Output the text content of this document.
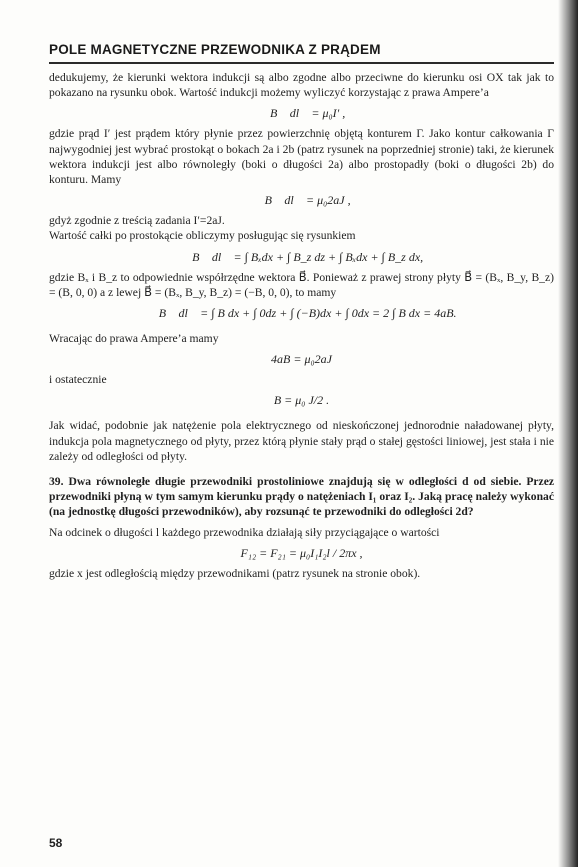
POLE MAGNETYCZNE PRZEWODNIKA Z PRĄDEM

dedukujemy, że kierunki wektora indukcji są albo zgodne albo przeciwne do kierunku osi OX tak jak to pokazano na rysunku obok. Wartość indukcji możemy wyliczyć korzystając z prawa Ampere’a

∮ B⃗ dl⃗ = μ₀I′ ,

gdzie prąd I′ jest prądem który płynie przez powierzchnię objętą konturem Γ. Jako kontur całkowania Γ najwygodniej jest wybrać prostokąt o bokach 2a i 2b (patrz rysunek na poprzedniej stronie) taki, że kierunek wektora indukcji jest albo równoległy (boki o długości 2a) albo prostopadły (boki o długości 2b) do konturu. Mamy

∮ B⃗ dl⃗ = μ₀2aJ ,

gdyż zgodnie z treścią zadania I′=2aJ.

Wartość całki po prostokącie obliczymy posługując się rysunkiem

∮ B⃗ dl⃗ = ∫ Bₓdx + ∫ B_z dz + ∫ Bₓdx + ∫ B_z dx,

gdzie Bₓ i B_z to odpowiednie współrzędne wektora B⃗. Ponieważ z prawej strony płyty B⃗ = (Bₓ, B_y, B_z) = (B, 0, 0) a z lewej B⃗ = (Bₓ, B_y, B_z) = (−B, 0, 0), to mamy

∮ B⃗ dl⃗ = ∫ B dx + ∫ 0dz + ∫ (−B)dx + ∫ 0dx = 2 ∫ B dx = 4aB.

Wracając do prawa Ampere’a mamy

4aB = μ₀2aJ

i ostatecznie

B = μ₀ J/2 .

Jak widać, podobnie jak natężenie pola elektrycznego od nieskończonej jednorodnie naładowanej płyty, indukcja pola magnetycznego od płyty, przez którą płynie stały prąd o stałej gęstości liniowej, jest stała i nie zależy od odległości od płyty.

39. Dwa równoległe długie przewodniki prostoliniowe znajdują się w odległości d od siebie. Przez przewodniki płyną w tym samym kierunku prądy o natężeniach I₁ oraz I₂. Jaką pracę należy wykonać (na jednostkę długości przewodników), aby rozsunąć te przewodniki do odległości 2d?

Na odcinek o długości l każdego przewodnika działają siły przyciągające o wartości

F₁₂ = F₂₁ = μ₀I₁I₂l / 2πx ,

gdzie x jest odległością między przewodnikami (patrz rysunek na stronie obok).

58
